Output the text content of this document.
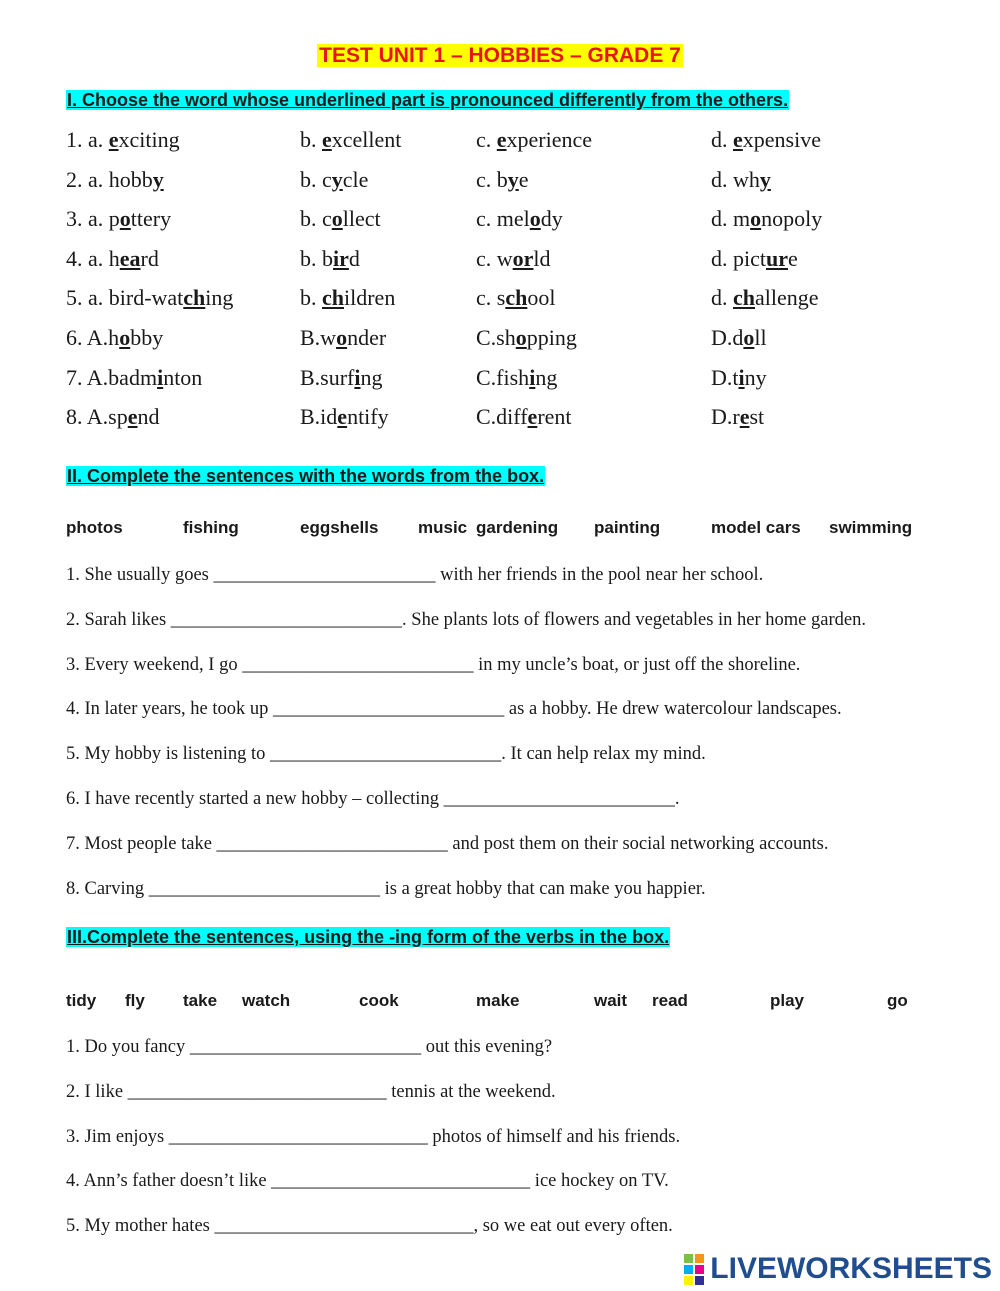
TEST UNIT 1 – HOBBIES – GRADE 7
I. Choose the word whose underlined part is pronounced differently from the others.
1. a. exciting	b. excellent	c. experience	d. expensive
2. a. hobby	b. cycle	c. bye	d. why
3. a. pottery	b. collect	c. melody	d. monopoly
4. a. heard	b. bird	c. world	d. picture
5. a. bird-watching	b. children	c. school	d. challenge
6. A.hobby	B.wonder	C.shopping	D.doll
7. A.badminton	B.surfing	C.fishing	D.tiny
8. A.spend	B.identify	C.different	D.rest
II. Complete the sentences with the words from the box.
photos	fishing	eggshells music gardening painting	model cars swimming
1. She usually goes ________________________ with her friends in the pool near her school.
2. Sarah likes _________________________. She plants lots of flowers and vegetables in her home garden.
3. Every weekend, I go _________________________ in my uncle’s boat, or just off the shoreline.
4. In later years, he took up _________________________ as a hobby. He drew watercolour landscapes.
5. My hobby is listening to _________________________. It can help relax my mind.
6. I have recently started a new hobby – collecting _________________________.
7. Most people take _________________________ and post them on their social networking accounts.
8. Carving _________________________ is a great hobby that can make you happier.
III.Complete the sentences, using the -ing form of the verbs in the box.
tidy fly take watch	cook	make	wait read	play	go
1. Do you fancy _________________________ out this evening?
2. I like ____________________________ tennis at the weekend.
3. Jim enjoys ____________________________ photos of himself and his friends.
4. Ann’s father doesn’t like ____________________________ ice hockey on TV.
5. My mother hates ____________________________, so we eat out every often.
LIVEWORKSHEETS
